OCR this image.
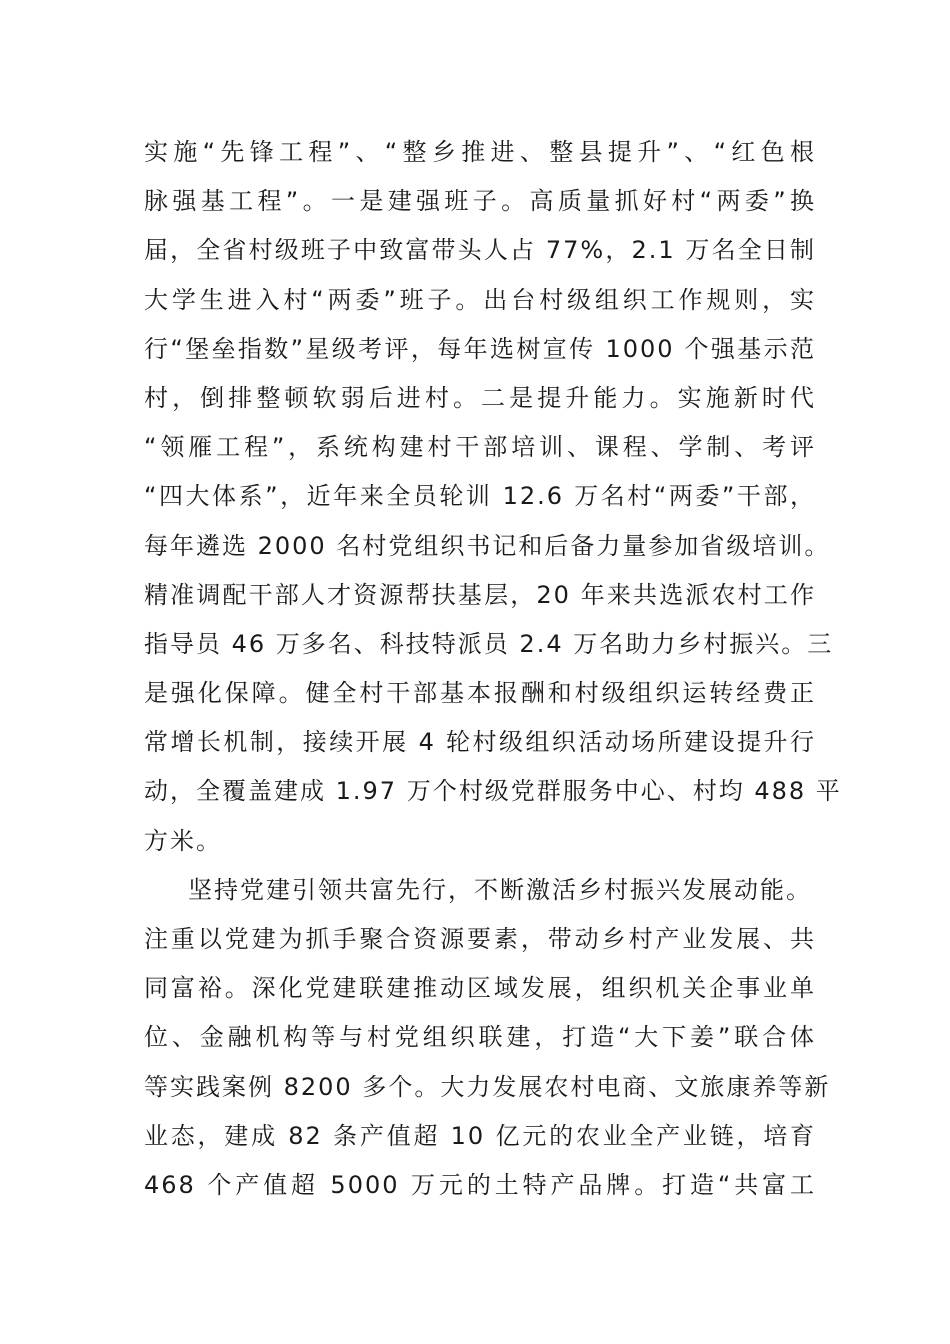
实施“先锋工程”、“整乡推进、整县提升”、“红色根
脉强基工程”。一是建强班子。高质量抓好村“两委”换
届，全省村级班子中致富带头人占 77%，2.1 万名全日制
大学生进入村“两委”班子。出台村级组织工作规则，实
行“堡垒指数”星级考评，每年选树宣传 1000 个强基示范
村，倒排整顿软弱后进村。二是提升能力。实施新时代
“领雁工程”，系统构建村干部培训、课程、学制、考评
“四大体系”，近年来全员轮训 12.6 万名村“两委”干部，
每年遴选 2000 名村党组织书记和后备力量参加省级培训。
精准调配干部人才资源帮扶基层，20 年来共选派农村工作
指导员 46 万多名、科技特派员 2.4 万名助力乡村振兴。三
是强化保障。健全村干部基本报酬和村级组织运转经费正
常增长机制，接续开展 4 轮村级组织活动场所建设提升行
动，全覆盖建成 1.97 万个村级党群服务中心、村均 488 平
方米。
坚持党建引领共富先行，不断激活乡村振兴发展动能。
注重以党建为抓手聚合资源要素，带动乡村产业发展、共
同富裕。深化党建联建推动区域发展，组织机关企事业单
位、金融机构等与村党组织联建，打造“大下姜”联合体
等实践案例 8200 多个。大力发展农村电商、文旅康养等新
业态，建成 82 条产值超 10 亿元的农业全产业链，培育
468 个产值超 5000 万元的土特产品牌。打造“共富工
